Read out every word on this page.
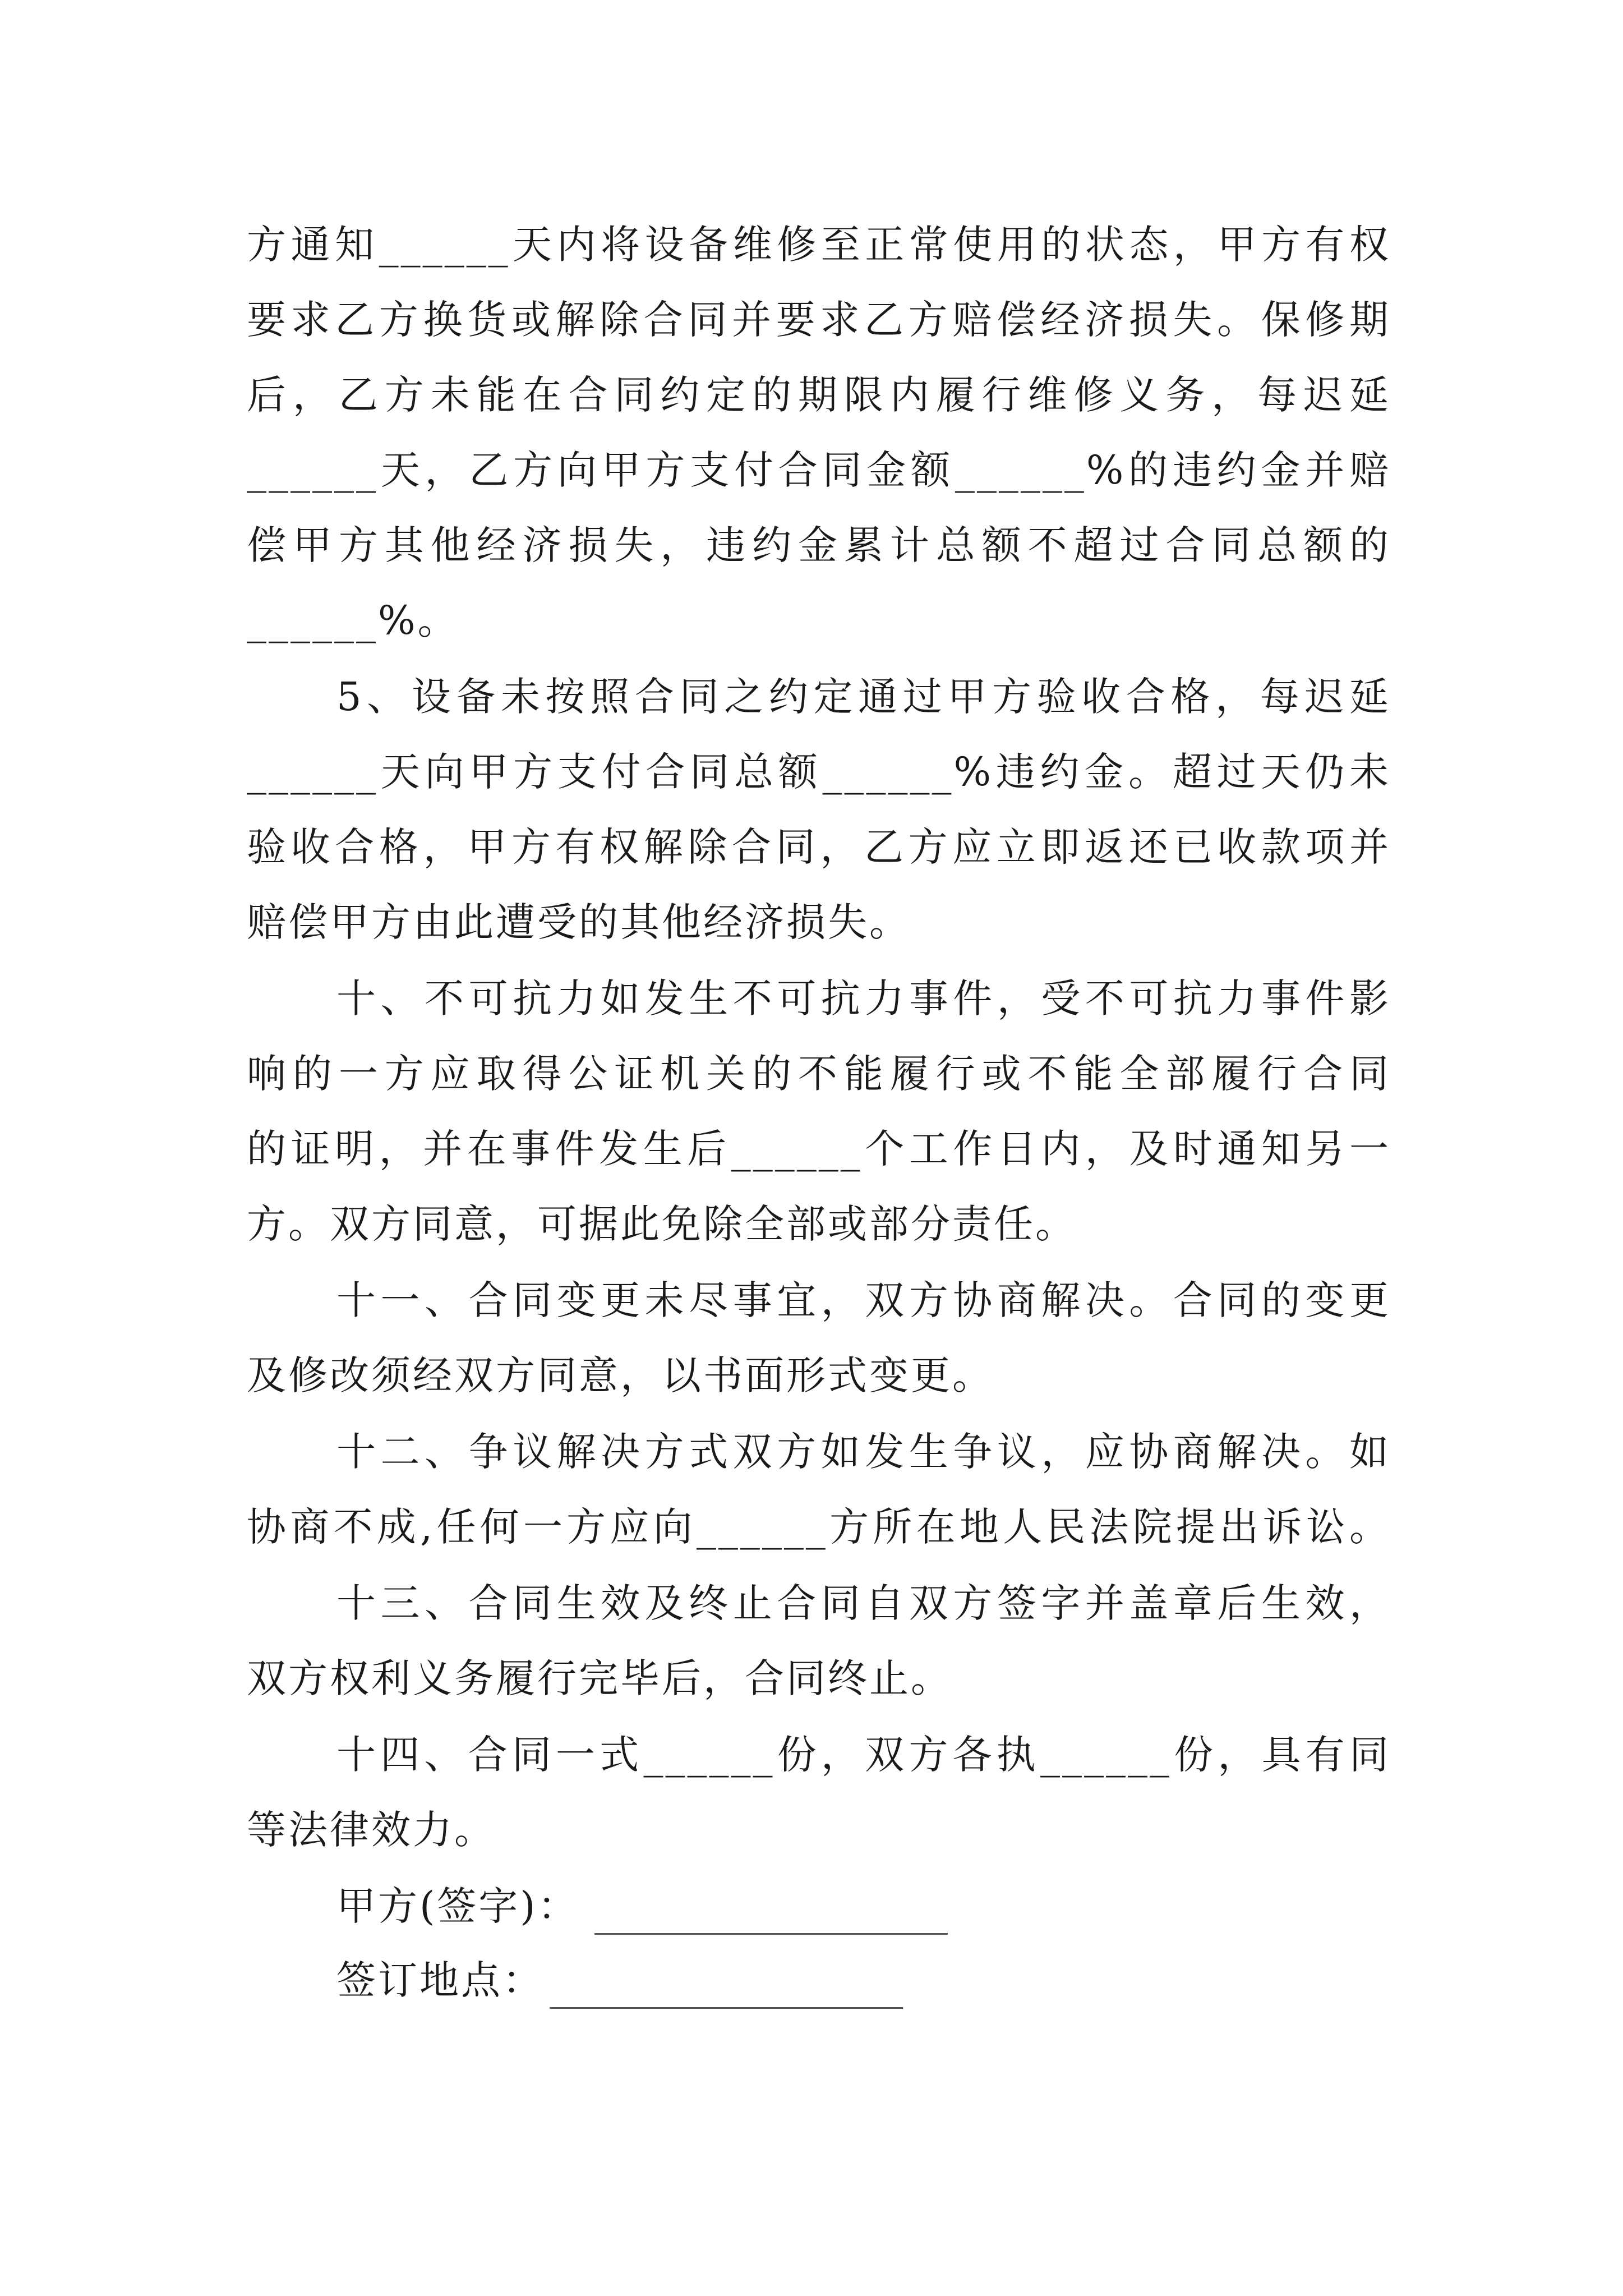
方通知______天内将设备维修至正常使用的状态，甲方有权
要求乙方换货或解除合同并要求乙方赔偿经济损失。保修期
后，乙方未能在合同约定的期限内履行维修义务，每迟延
______天，乙方向甲方支付合同金额______%的违约金并赔
偿甲方其他经济损失，违约金累计总额不超过合同总额的
______%。
5、设备未按照合同之约定通过甲方验收合格，每迟延
______天向甲方支付合同总额______%违约金。超过天仍未
验收合格，甲方有权解除合同，乙方应立即返还已收款项并
赔偿甲方由此遭受的其他经济损失。
十、不可抗力如发生不可抗力事件，受不可抗力事件影
响的一方应取得公证机关的不能履行或不能全部履行合同
的证明，并在事件发生后______个工作日内，及时通知另一
方。双方同意，可据此免除全部或部分责任。
十一、合同变更未尽事宜，双方协商解决。合同的变更
及修改须经双方同意，以书面形式变更。
十二、争议解决方式双方如发生争议，应协商解决。如
协商不成,任何一方应向______方所在地人民法院提出诉讼。
十三、合同生效及终止合同自双方签字并盖章后生效，
双方权利义务履行完毕后，合同终止。
十四、合同一式______份，双方各执______份，具有同
等法律效力。
甲方(签字)：
签订地点：
